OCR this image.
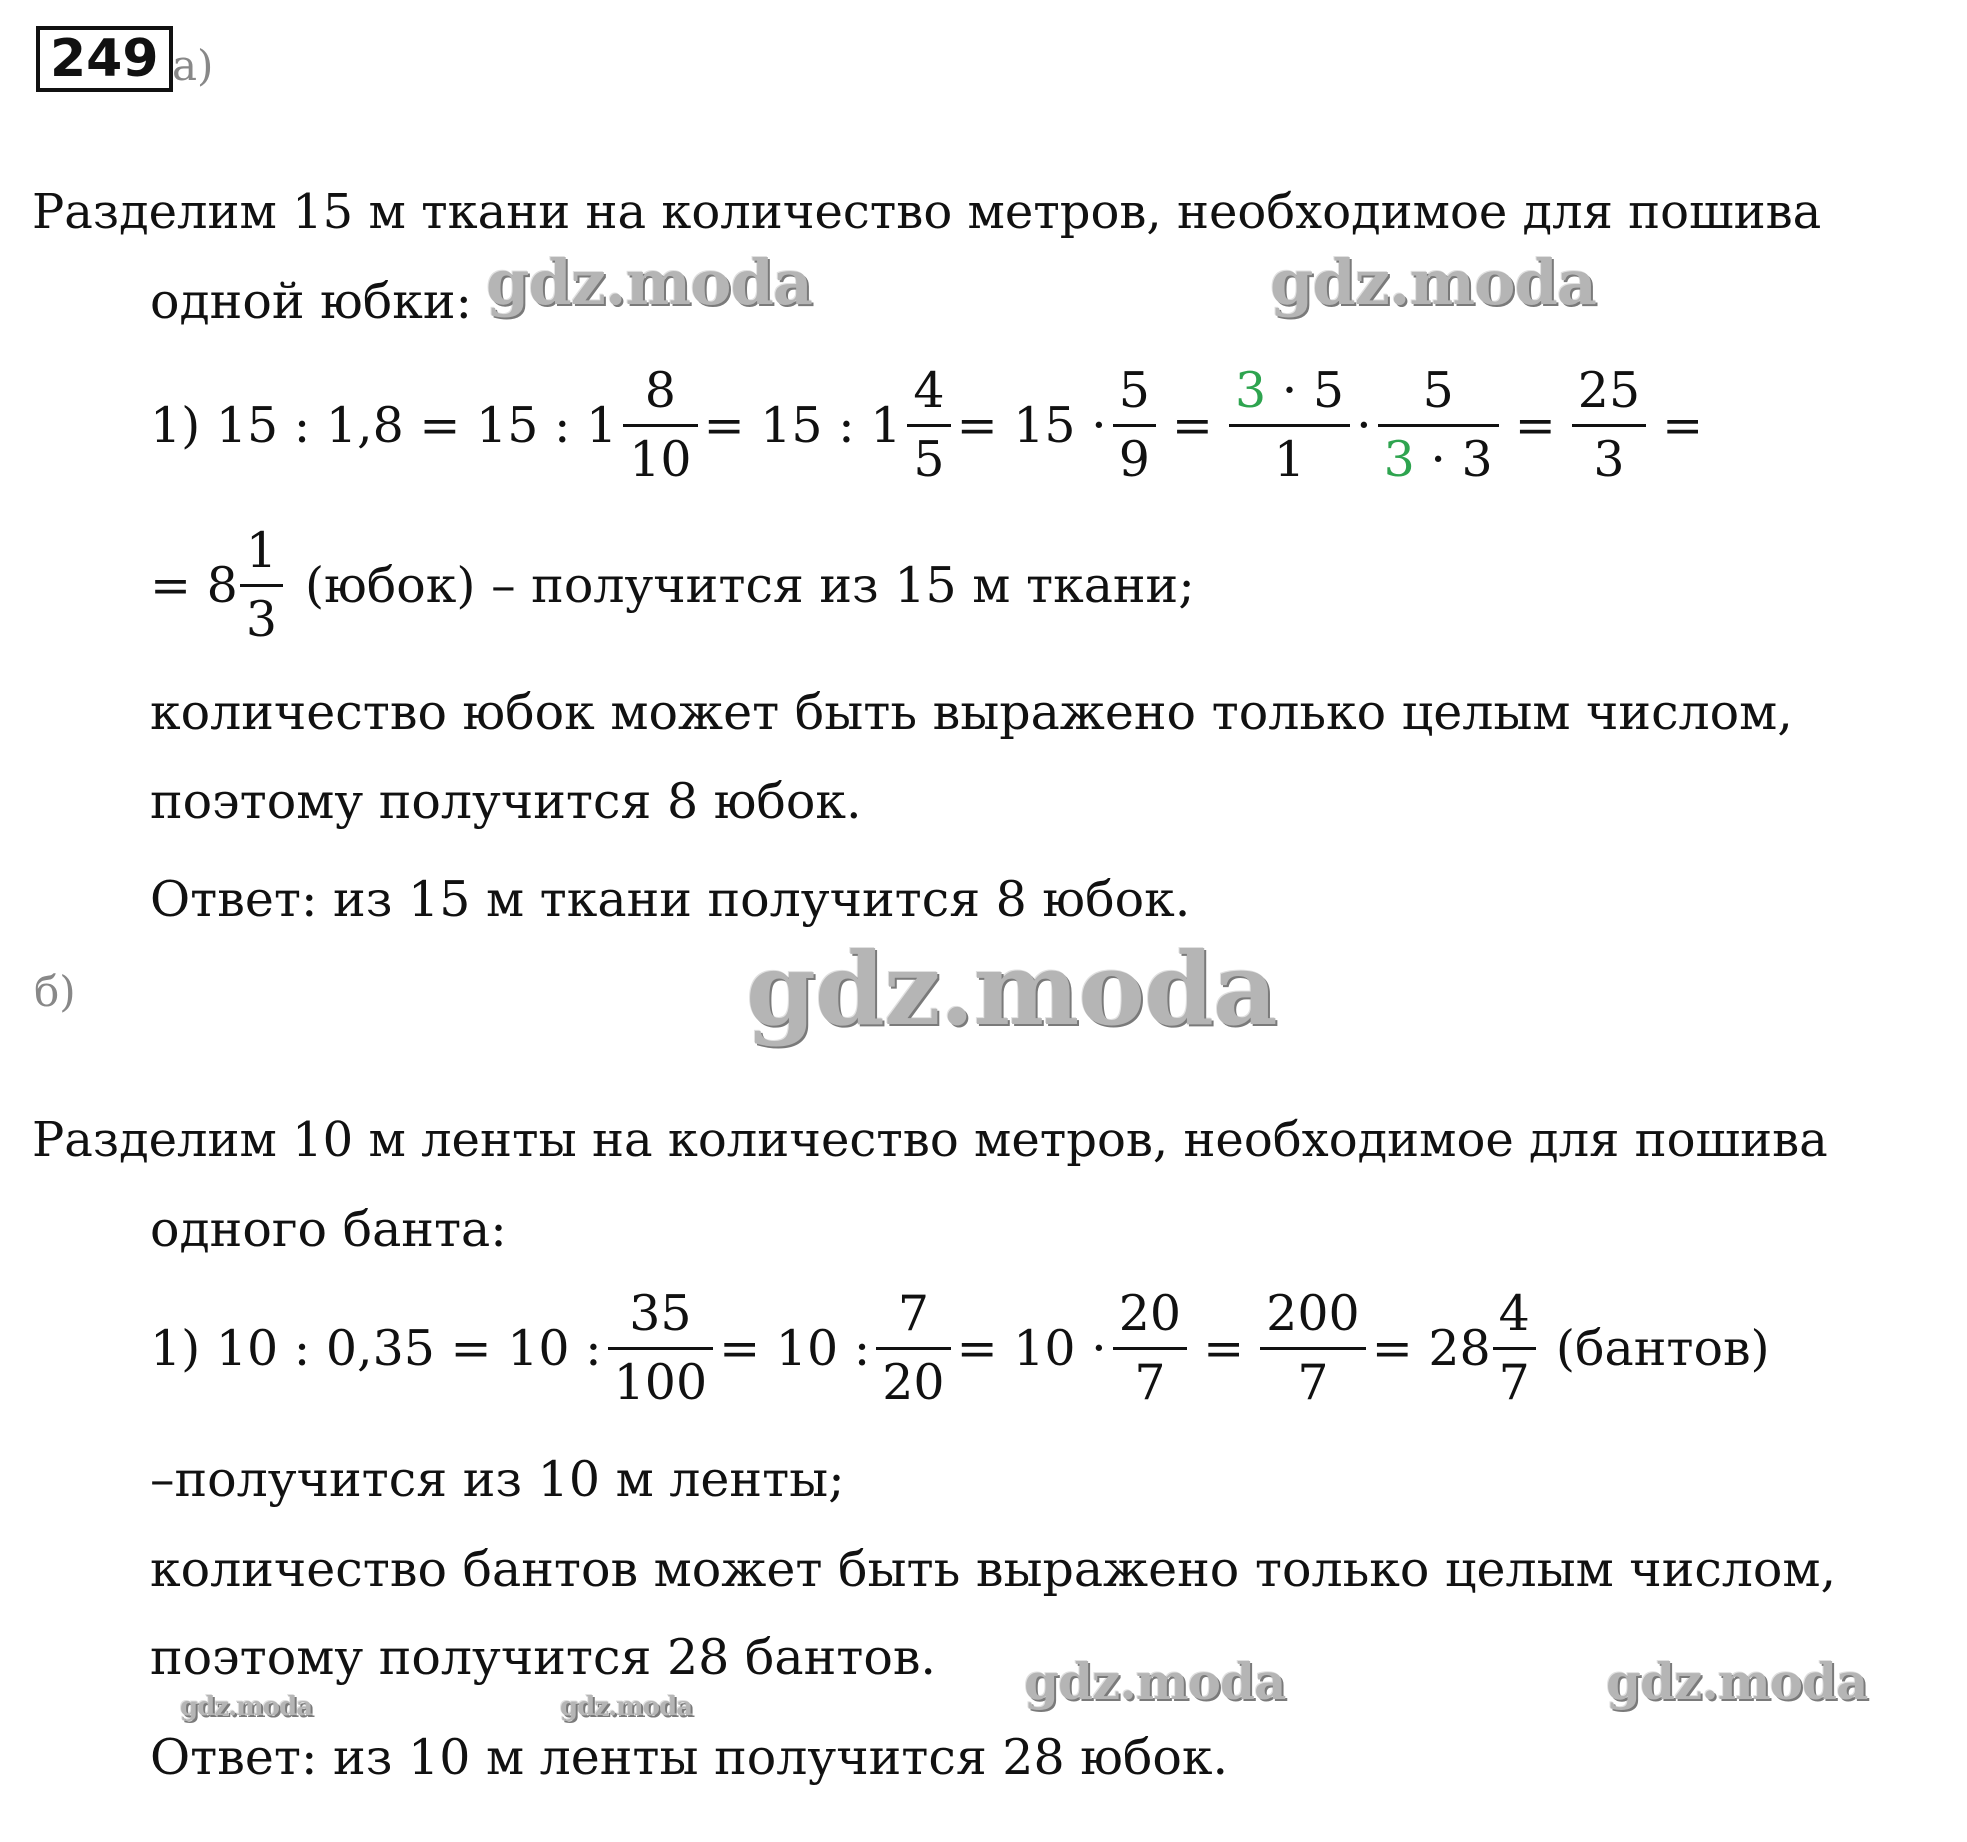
249 а)
Разделим 15 м ткани на количество метров, необходимое для пошива
одной юбки:
1) 15 : 1,8 = 15 : $1 \frac{8}{10} = 15$ : $1 \frac{4}{5} = 15 \cdot \frac{5}{9} = \frac{3 \cdot 5}{1} \cdot \frac{5}{3 \cdot 3} = \frac{25}{3}$ =
= $8 \frac{1}{3}$ (юбок) – получится из 15 м ткани;
количество юбок может быть выражено только целым числом,
поэтому получится 8 юбок.
Ответ: из 15 м ткани получится 8 юбок.
б)
Разделим 10 м ленты на количество метров, необходимое для пошива
одного банта:
1) 10 : 0,35 = 10 : $\frac{35}{100} = 10$ : $\frac{7}{20} = 10 \cdot \frac{20}{7} = \frac{200}{7} = 28 \frac{4}{7}$ (бантов)
–получится из 10 м ленты;
количество бантов может быть выражено только целым числом,
поэтому получится 28 бантов.
Ответ: из 10 м ленты получится 28 юбок.
gdz.moda	gdz.moda
gdz.moda
gdz.moda	gdz.moda
gdz.moda	gdz.moda
